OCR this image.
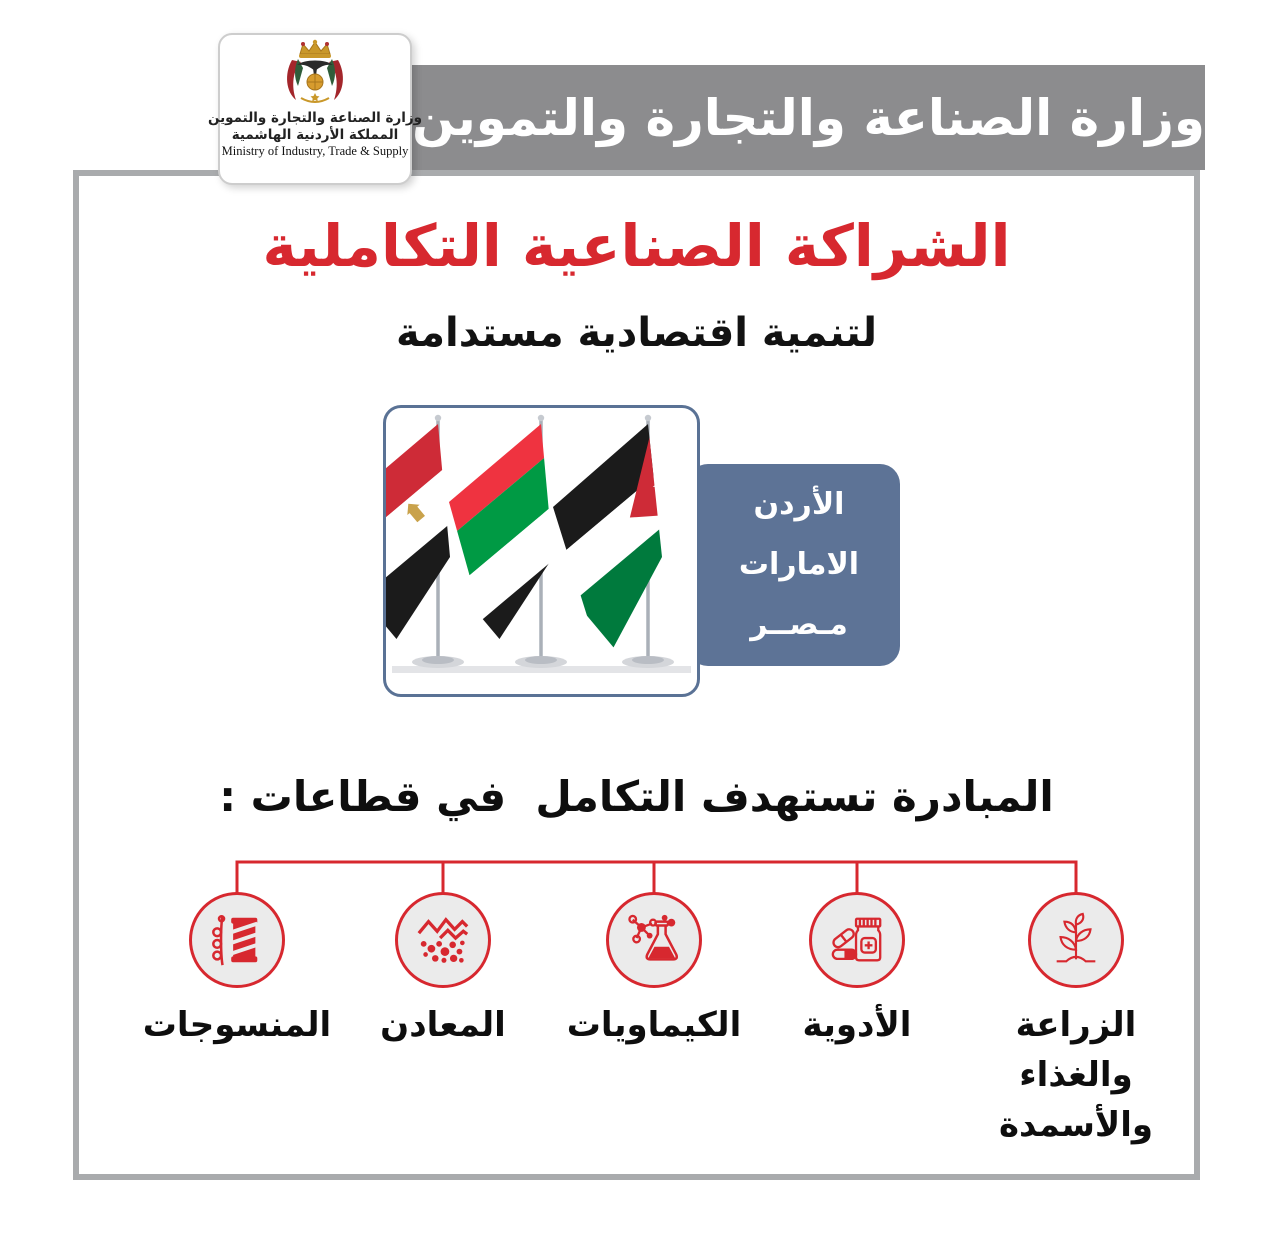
وزارة الصناعة والتجارة والتموين
وزارة الصناعة والتجارة والتموين
المملكة الأردنية الهاشمية
Ministry of Industry, Trade & Supply
الشراكة الصناعية التكاملية
لتنمية اقتصادية مستدامة
الأردن
الامارات
مـصــر
المبادرة تستهدف التكامل  في قطاعات :
المنسوجات	المعادن	الكيماويات	الأدوية	الزراعة
والغذاء
والأسمدة
